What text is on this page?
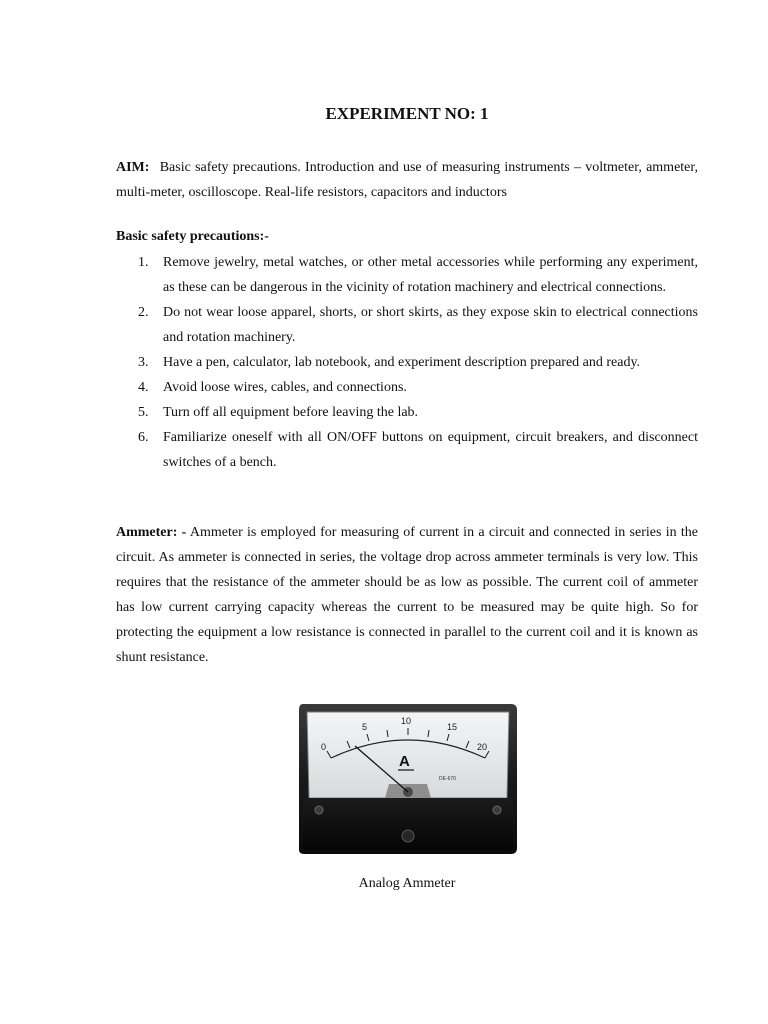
EXPERIMENT NO: 1

AIM: Basic safety precautions. Introduction and use of measuring instruments – voltmeter, ammeter, multi-meter, oscilloscope. Real-life resistors, capacitors and inductors

Basic safety precautions:-

1. Remove jewelry, metal watches, or other metal accessories while performing any experiment, as these can be dangerous in the vicinity of rotation machinery and electrical connections.
2. Do not wear loose apparel, shorts, or short skirts, as they expose skin to electrical connections and rotation machinery.
3. Have a pen, calculator, lab notebook, and experiment description prepared and ready.
4. Avoid loose wires, cables, and connections.
5. Turn off all equipment before leaving the lab.
6. Familiarize oneself with all ON/OFF buttons on equipment, circuit breakers, and disconnect switches of a bench.

Ammeter: - Ammeter is employed for measuring of current in a circuit and connected in series in the circuit. As ammeter is connected in series, the voltage drop across ammeter terminals is very low. This requires that the resistance of the ammeter should be as low as possible. The current coil of ammeter has low current carrying capacity whereas the current to be measured may be quite high. So for protecting the equipment a low resistance is connected in parallel to the current coil and it is known as shunt resistance.

Analog Ammeter

0
5
10
15
20
A
DE-670
